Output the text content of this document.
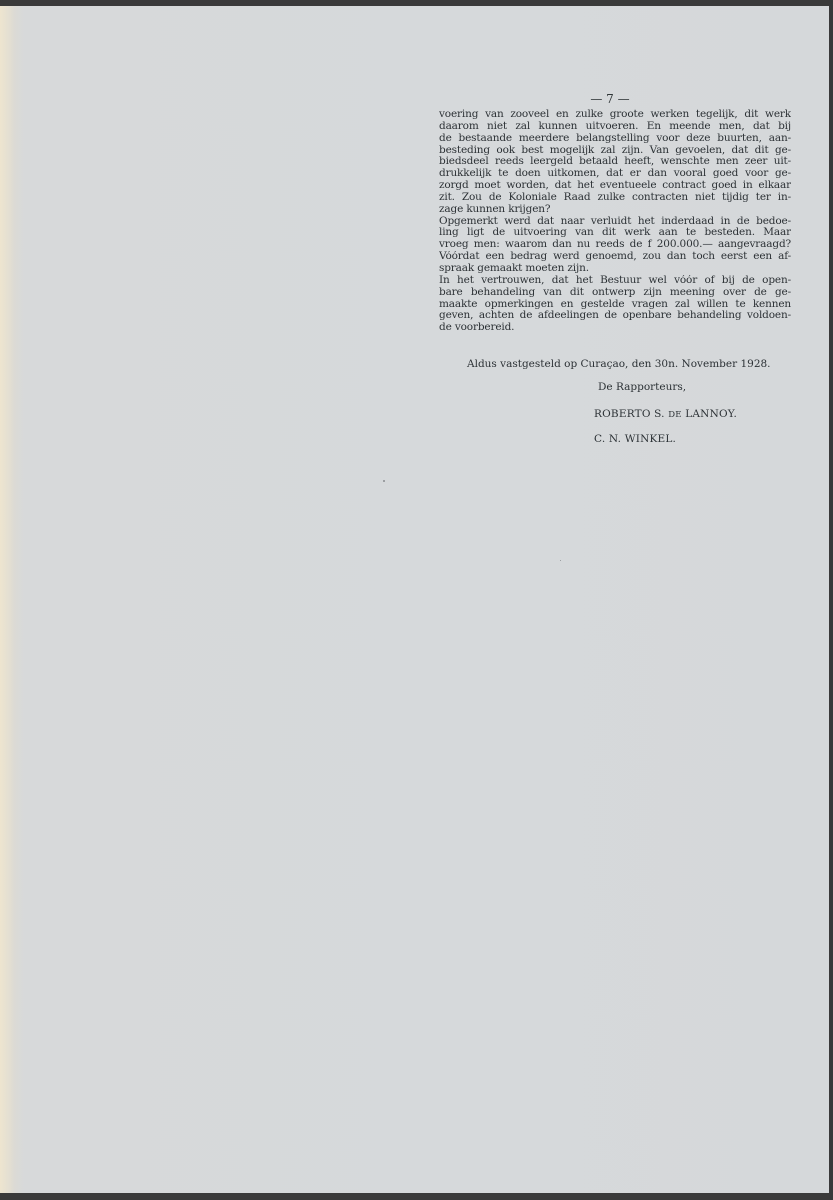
— 7 —
voering van zooveel en zulke groote werken tegelijk, dit werk
daarom niet zal kunnen uitvoeren. En meende men, dat bij
de bestaande meerdere belangstelling voor deze buurten, aan-
besteding ook best mogelijk zal zijn. Van gevoelen, dat dit ge-
biedsdeel reeds leergeld betaald heeft, wenschte men zeer uit-
drukkelijk te doen uitkomen, dat er dan vooral goed voor ge-
zorgd moet worden, dat het eventueele contract goed in elkaar
zit. Zou de Koloniale Raad zulke contracten niet tijdig ter in-
zage kunnen krijgen?
Opgemerkt werd dat naar verluidt het inderdaad in de bedoe-
ling ligt de uitvoering van dit werk aan te besteden. Maar
vroeg men: waarom dan nu reeds de f 200.000.— aangevraagd?
Vóórdat een bedrag werd genoemd, zou dan toch eerst een af-
spraak gemaakt moeten zijn.
In het vertrouwen, dat het Bestuur wel vóór of bij de open-
bare behandeling van dit ontwerp zijn meening over de ge-
maakte opmerkingen en gestelde vragen zal willen te kennen
geven, achten de afdeelingen de openbare behandeling voldoen-
de voorbereid.
Aldus vastgesteld op Curaçao, den 30n. November 1928.
De Rapporteurs,
ROBERTO S. DE LANNOY.
C. N. WINKEL.
